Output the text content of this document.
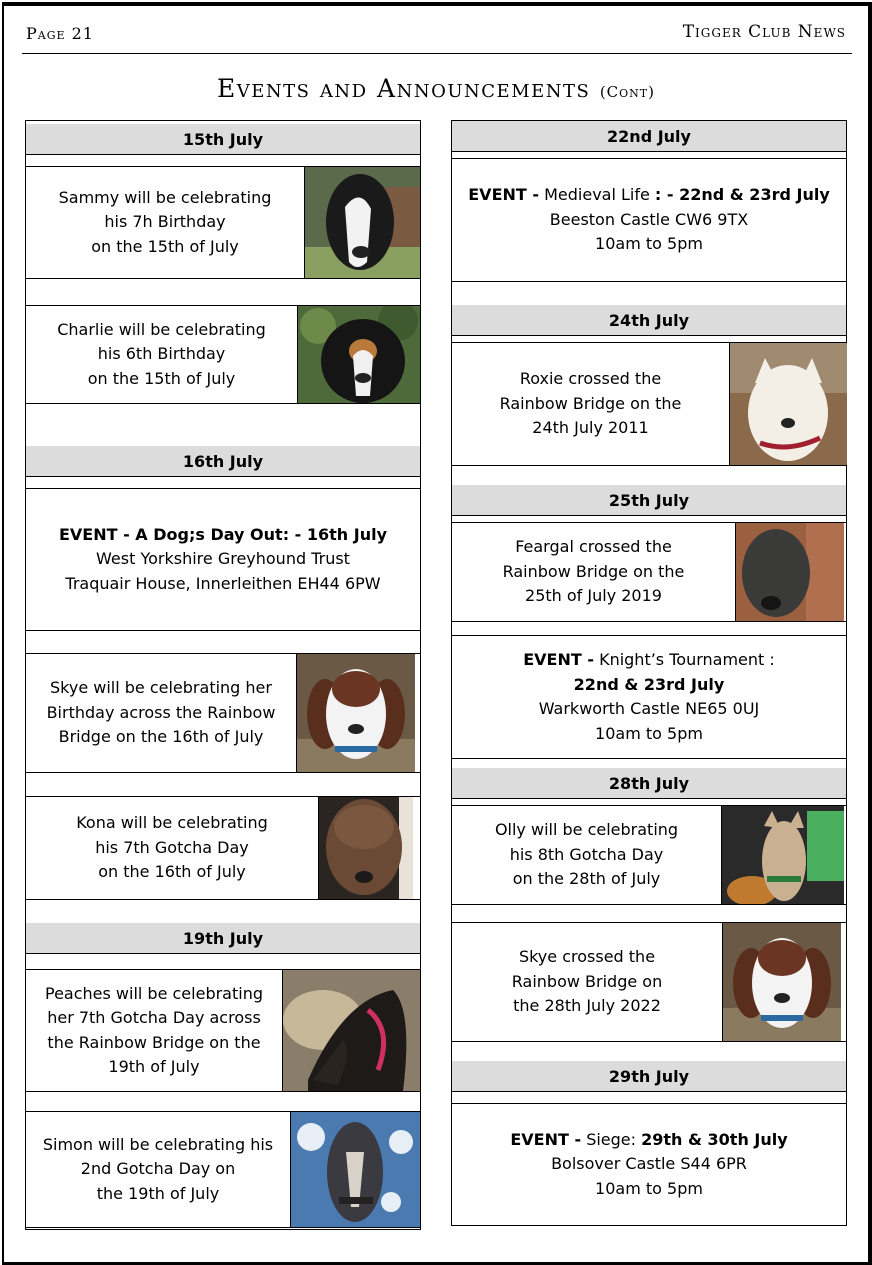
Page 21	Tigger Club News
Events and Announcements (Cont)
15th July
Sammy will be celebrating
his 7h Birthday
on the 15th of July
Charlie will be celebrating
his 6th Birthday
on the 15th of July
16th July
EVENT - A Dog;s Day Out: - 16th July
West Yorkshire Greyhound Trust
Traquair House, Innerleithen EH44 6PW
Skye will be celebrating her
Birthday across the Rainbow
Bridge on the 16th of July
Kona will be celebrating
his 7th Gotcha Day
on the 16th of July
19th July
Peaches will be celebrating
her 7th Gotcha Day across
the Rainbow Bridge on the
19th of July
Simon will be celebrating his
2nd Gotcha Day on
the 19th of July
22nd July
EVENT - Medieval Life : - 22nd & 23rd July
Beeston Castle CW6 9TX
10am to 5pm
24th July
Roxie crossed the
Rainbow Bridge on the
24th July 2011
25th July
Feargal crossed the
Rainbow Bridge on the
25th of July 2019
EVENT - Knight’s Tournament :
22nd & 23rd July
Warkworth Castle NE65 0UJ
10am to 5pm
28th July
Olly will be celebrating
his 8th Gotcha Day
on the 28th of July
Skye crossed the
Rainbow Bridge on
the 28th July 2022
29th July
EVENT - Siege: 29th & 30th July
Bolsover Castle S44 6PR
10am to 5pm
